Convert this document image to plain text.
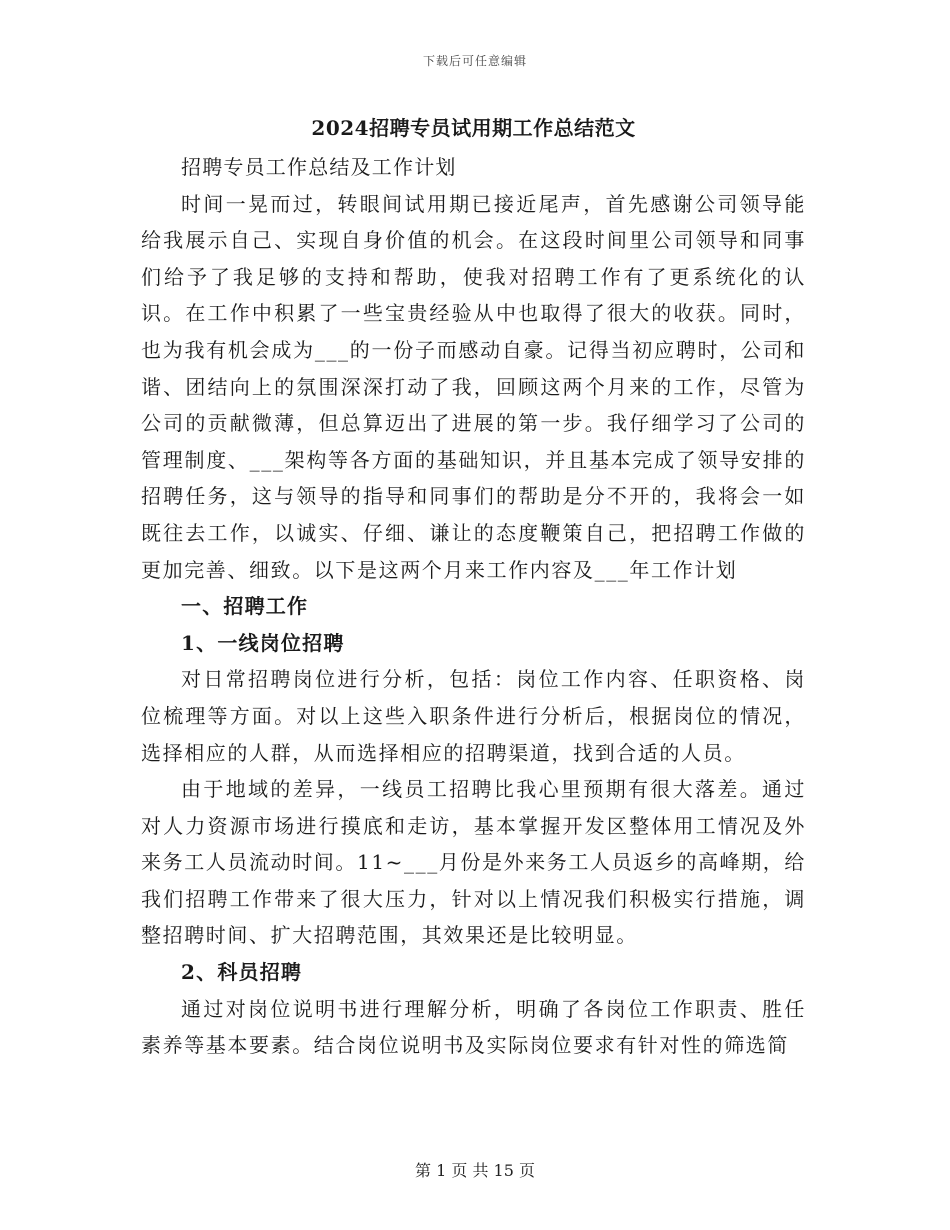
下载后可任意编辑
2024招聘专员试用期工作总结范文

招聘专员工作总结及工作计划

时间一晃而过，转眼间试用期已接近尾声，首先感谢公司领导能给我展示自己、实现自身价值的机会。在这段时间里公司领导和同事们给予了我足够的支持和帮助，使我对招聘工作有了更系统化的认识。在工作中积累了一些宝贵经验从中也取得了很大的收获。同时，也为我有机会成为___的一份子而感动自豪。记得当初应聘时，公司和谐、团结向上的氛围深深打动了我，回顾这两个月来的工作，尽管为公司的贡献微薄，但总算迈出了进展的第一步。我仔细学习了公司的管理制度、___架构等各方面的基础知识，并且基本完成了领导安排的招聘任务，这与领导的指导和同事们的帮助是分不开的，我将会一如既往去工作，以诚实、仔细、谦让的态度鞭策自己，把招聘工作做的更加完善、细致。以下是这两个月来工作内容及___年工作计划

一、招聘工作

1、一线岗位招聘

对日常招聘岗位进行分析，包括：岗位工作内容、任职资格、岗位梳理等方面。对以上这些入职条件进行分析后，根据岗位的情况，选择相应的人群，从而选择相应的招聘渠道，找到合适的人员。

由于地域的差异，一线员工招聘比我心里预期有很大落差。通过对人力资源市场进行摸底和走访，基本掌握开发区整体用工情况及外来务工人员流动时间。11~___月份是外来务工人员返乡的高峰期，给我们招聘工作带来了很大压力，针对以上情况我们积极实行措施，调整招聘时间、扩大招聘范围，其效果还是比较明显。

2、科员招聘

通过对岗位说明书进行理解分析，明确了各岗位工作职责、胜任素养等基本要素。结合岗位说明书及实际岗位要求有针对性的筛选简

第 1 页 共 15 页
